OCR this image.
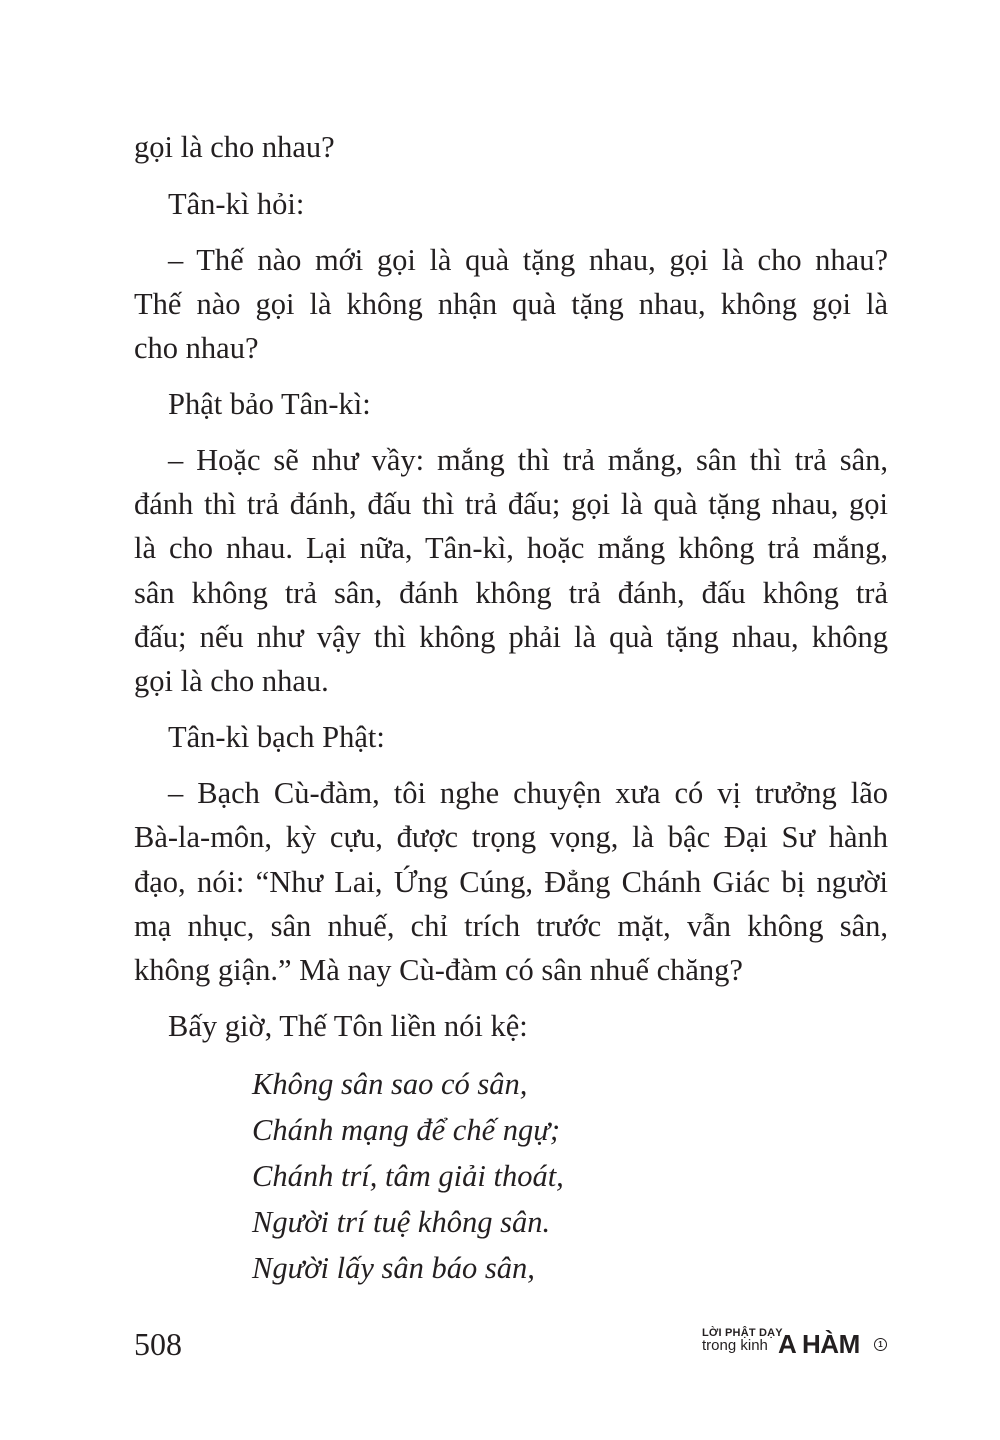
gọi là cho nhau?
Tân-kì hỏi:
– Thế nào mới gọi là quà tặng nhau, gọi là cho nhau?
Thế nào gọi là không nhận quà tặng nhau, không gọi là
cho nhau?
Phật bảo Tân-kì:
– Hoặc sẽ như vầy: mắng thì trả mắng, sân thì trả sân,
đánh thì trả đánh, đấu thì trả đấu; gọi là quà tặng nhau, gọi
là cho nhau. Lại nữa, Tân-kì, hoặc mắng không trả mắng,
sân không trả sân, đánh không trả đánh, đấu không trả
đấu; nếu như vậy thì không phải là quà tặng nhau, không
gọi là cho nhau.
Tân-kì bạch Phật:
– Bạch Cù-đàm, tôi nghe chuyện xưa có vị trưởng lão
Bà-la-môn, kỳ cựu, được trọng vọng, là bậc Đại Sư hành
đạo, nói: “Như Lai, Ứng Cúng, Đẳng Chánh Giác bị người
mạ nhục, sân nhuế, chỉ trích trước mặt, vẫn không sân,
không giận.” Mà nay Cù-đàm có sân nhuế chăng?
Bấy giờ, Thế Tôn liền nói kệ:
Không sân sao có sân,
Chánh mạng để chế ngự;
Chánh trí, tâm giải thoát,
Người trí tuệ không sân.
Người lấy sân báo sân,
508	LỜI PHẬT DẠY
trong kinh A HÀM	1
